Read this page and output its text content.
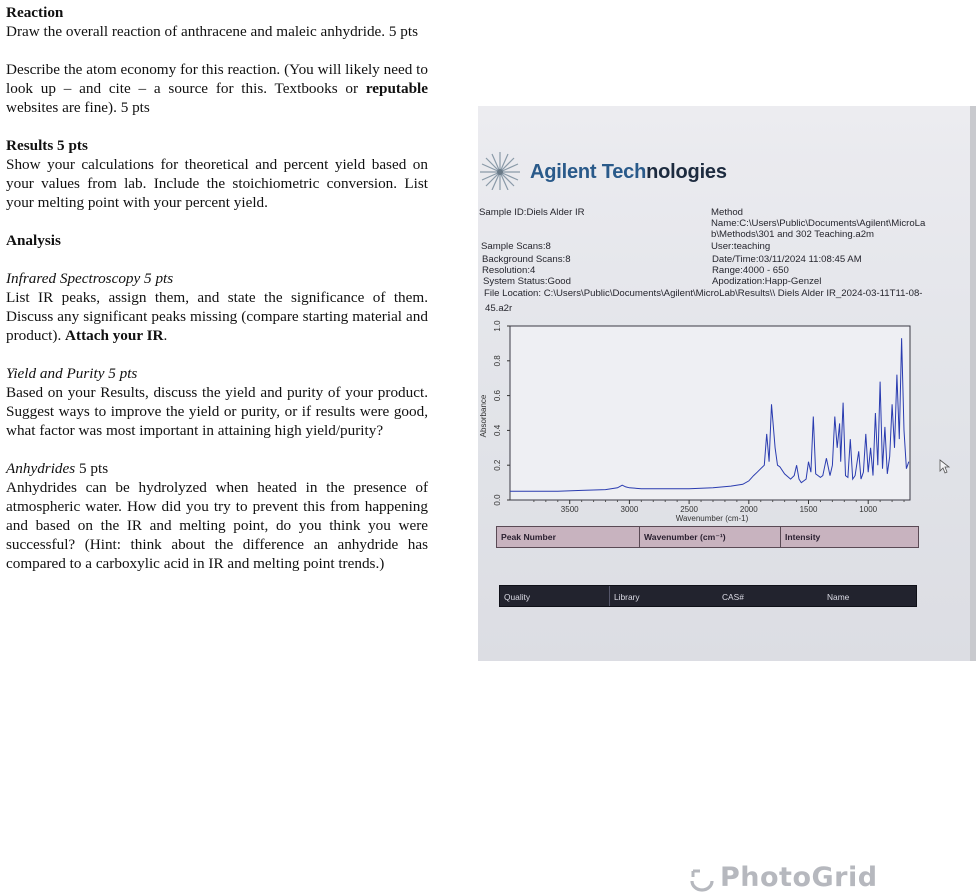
Reaction

Draw the overall reaction of anthracene and maleic anhydride. 5 pts

Describe the atom economy for this reaction. (You will likely need to look up – and cite – a source for this. Textbooks or reputable websites are fine). 5 pts

Results 5 pts

Show your calculations for theoretical and percent yield based on your values from lab. Include the stoichiometric conversion. List your melting point with your percent yield.

Analysis

Infrared Spectroscopy 5 pts

List IR peaks, assign them, and state the significance of them. Discuss any significant peaks missing (compare starting material and product). Attach your IR.

Yield and Purity 5 pts

Based on your Results, discuss the yield and purity of your product. Suggest ways to improve the yield or purity, or if results were good, what factor was most important in attaining high yield/purity?

Anhydrides 5 pts

Anhydrides can be hydrolyzed when heated in the presence of atmospheric water. How did you try to prevent this from happening and based on the IR and melting point, do you think you were successful? (Hint: think about the difference an anhydride has compared to a carboxylic acid in IR and melting point trends.)

Agilent Technologies
Sample ID:Diels Alder IR	Method
Name:C:\Users\Public\Documents\Agilent\MicroLa
b\Methods\301 and 302 Teaching.a2m
Sample Scans:8	User:teaching
Background Scans:8	Date/Time:03/11/2024 11:08:45 AM
Resolution:4	Range:4000 - 650
System Status:Good	Apodization:Happ-Genzel
File Location: C:\Users\Public\Documents\Agilent\MicroLab\Results\\ Diels Alder IR_2024-03-11T11-08-
45.a2r
0.0
0.2
0.4
0.6
0.8
1.0
3500	3000	2500	2000	1500	1000
Absorbance
Wavenumber (cm-1)
Peak Number	Wavenumber (cm⁻¹)	Intensity
Quality	Library	CAS#	Name
PhotoGrid
